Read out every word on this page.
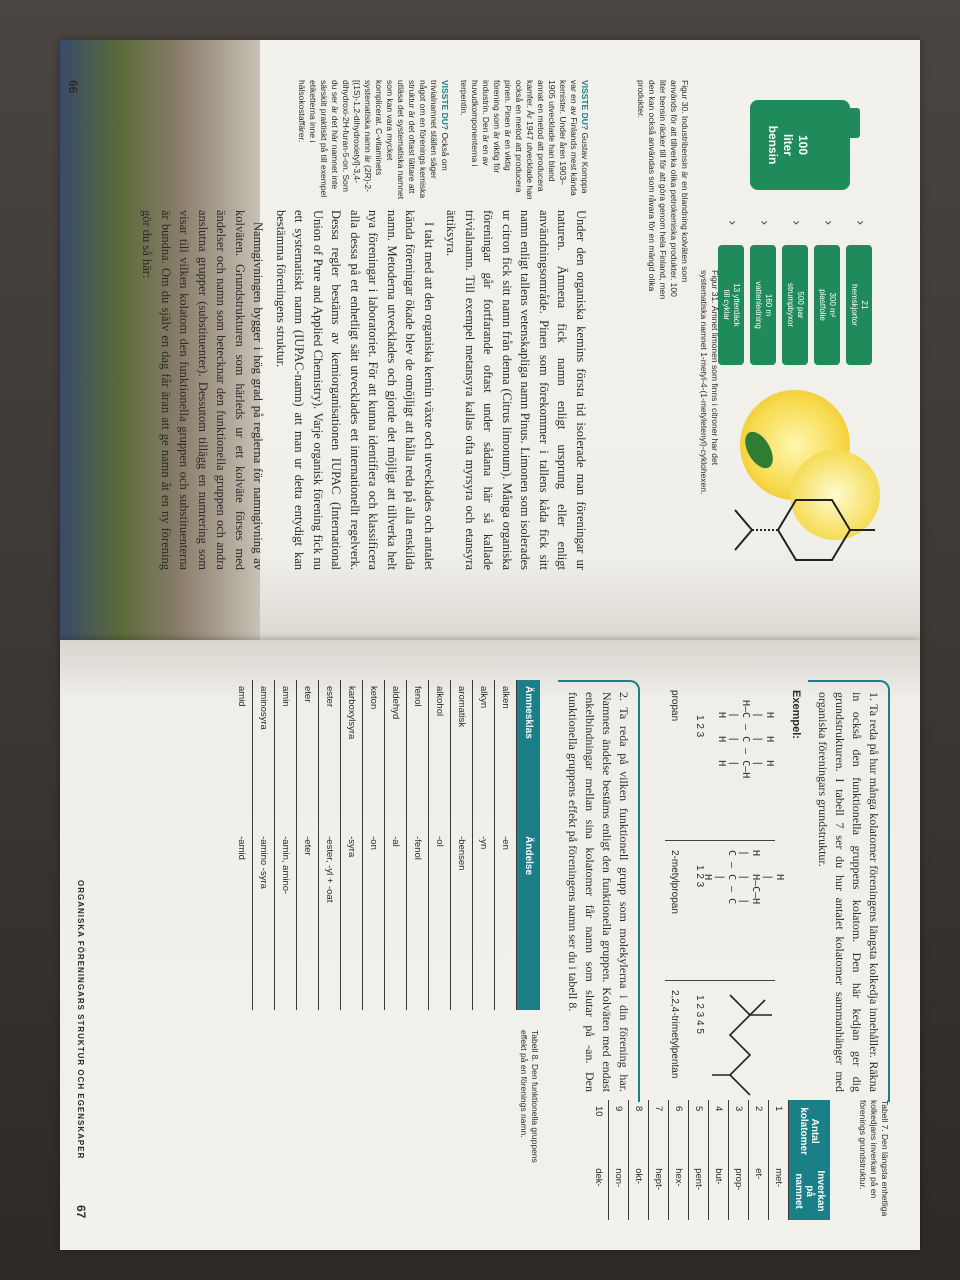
100
liter
bensin
›
21
hemskjortor
›
300 m²
plastfolie
›
500 par
strumpbyxor
›
160 m
vattenledning
›
13 ytterdäck
till cyklar
Figur 30. Industribensin är en blandning kolväten som används för att tillverka olika petrokemiska produkter. 100 liter bensin räcker till för att göra genom hela Finland, men den kan också användas som råvara för en mängd olika produkter.
Figur 31. Ämnet limonen som finns i citroner har det systematiska namnet 1-metyl-4-(1-metyletenyl)-cyklohexen.
VISSTE DU? Gustav Komppa var en av Finlands mest kända kemister. Under åren 1903–1905 utvecklade han bland annat en metod att producera kamfer. År 1947 utvecklade han också en metod att producera pinen. Pinen är en viktig förening som är viktig för industrin. Den är en av huvudkomponenterna i terpentin.
VISSTE DU? Också om trivialnamnet ställen säger något om en förenings kemiska struktur är det oftast lättare att utläsa det systematiska namnet som kan vara mycket komplicerat. C-vitaminets systematiska namn är (2R)-2-[(1S)-1,2-dihydroxietyl]-3,4-dihydroxi-2H-furan-5-on. Som du ser är det här namnet inte särskilt praktiskt på till exempel etiketterna inne i hälsokostaffärer.

Under den organiska kemins första tid isolerade man föreningar ur naturen. Ämnena fick namn enligt ursprung eller enligt användningsområde. Pinen som förekommer i tallens kåda fick sitt namn enligt tallens vetenskapliga namn Pinus. Limonen som isolerades ur citron fick sitt namn från denna (Citrus limonum). Många organiska föreningar går fortfarande oftast under sådana här så kallade trivialnamn. Till exempel metansyra kallas ofta myrsyra och etansyra ättiksyra.

I takt med att den organiska kemin växte och utvecklades och antalet kända föreningar ökade blev de omöjligt att hålla reda på alla enskilda namn. Metoderna utvecklades och gjorde det möjligt att tillverka helt nya föreningar i laboratoriet. För att kunna identifiera och klassificera alla dessa på ett enhetligt sätt utvecklades ett internationellt regelverk. Dessa regler bestäms av kemiorganisationen IUPAC (International Union of Pure and Applied Chemistry). Varje organisk förening fick nu ett systematiskt namn (IUPAC-namn) att man ur detta entydigt kan bestämma föreningens struktur.

Namngivningen bygger i hög grad på reglerna för namngivning av kolväten. Grundstrukturen som härleds ur ett kolväte förses med ändelser och namn som betecknar den funktionella gruppen och andra anslutna grupper (substituenter). Dessutom tillägg en numrering som visar till vilken kolatom den funktionella gruppen och substituenterna är bundna. Om du själv en dag får äran att ge namn åt en ny förening gör du så här:

66
1. Ta reda på hur många kolatomer föreningens längsta kolkedja innehåller. Räkna in också den funktionella gruppens kolatom. Den här kedjan ger dig grundstrukturen. I tabell 7 ser du hur antalet kolatomer sammanhänger med organiska föreningars grundstruktur.
Exempel:
H   H   H
|   |   |
H—C — C — C—H
|   |   |
H   H   H
1 2 3
propan
H
|
H   H—C—H
|   |   |
C — C — C
|
H
1 2 3
2-metylpropan
1 2 3 4 5
2,2,4-trimetylpentan
2. Ta reda på vilken funktionell grupp som molekylerna i din förening har. Namnets ändelse bestäms enligt den funktionella gruppen. Kolväten med endast enkelbindningar mellan sina kolatomer får namn som slutar på -an. Den funktionella gruppens effekt på föreningens namn ser du i tabell 8.
Ämnesklas	Ändelse
alken	-en
alkyn	-yn
aromatisk	-bensen
alkohol	-ol
fenol	-fenol
aldehyd	-al
keton	-on
karboxylsyra	-syra
ester	-ester, -yl + -oat
eter	-eter
amin	-amin, amino-
aminosyra	-amino -syra
amid	-amid
Tabell 8. Den funktionella gruppens effekt på en förenings namn.
Tabell 7. Den längsta enhetliga kolkedjans inverkan på en förenings grundstruktur.
Antal kolatomer	Inverkan på namnet
1	met-
2	et-
3	prop-
4	but-
5	pent-
6	hex-
7	hept-
8	okt-
9	non-
10	dek-
ORGANISKA FÖRENINGARS STRUKTUR OCH EGENSKAPER
67
